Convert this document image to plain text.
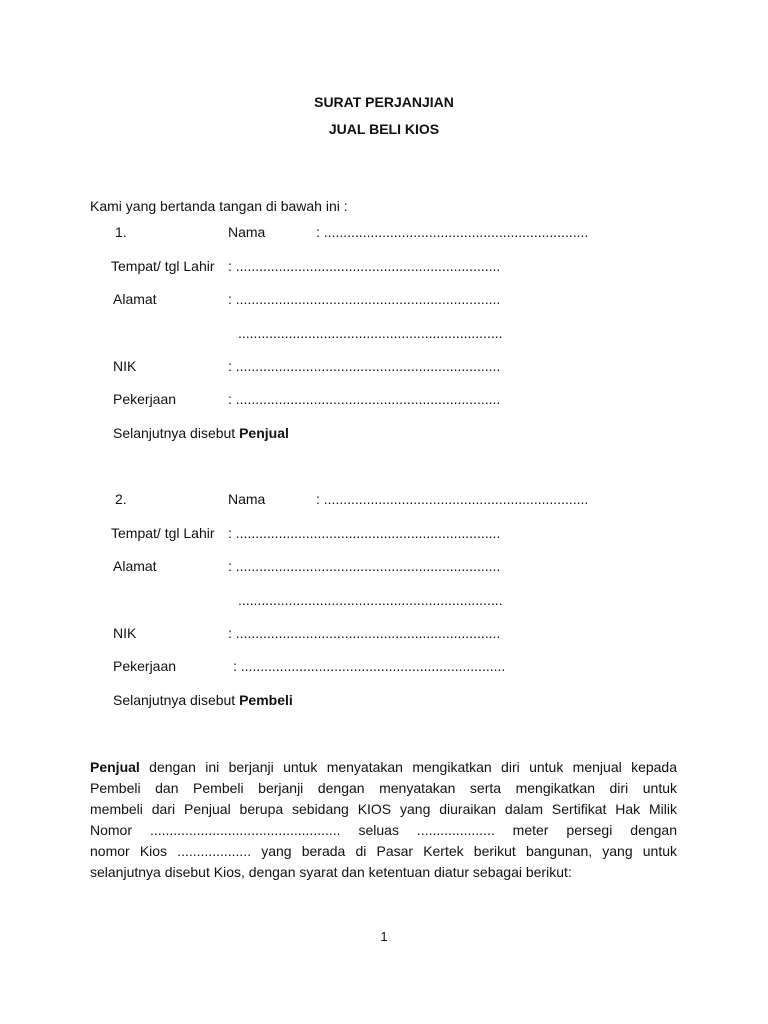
SURAT PERJANJIAN
JUAL BELI KIOS
Kami yang bertanda tangan di bawah ini :
1.	Nama	: ....................................................................
Tempat/ tgl Lahir : ....................................................................
Alamat	: ....................................................................
....................................................................
NIK	: ....................................................................
Pekerjaan	: ....................................................................
Selanjutnya disebut Penjual
2.	Nama	: ....................................................................
Tempat/ tgl Lahir : ....................................................................
Alamat	: ....................................................................
....................................................................
NIK	: ....................................................................
Pekerjaan	: ....................................................................
Selanjutnya disebut Pembeli
Penjual dengan ini berjanji untuk menyatakan mengikatkan diri untuk menjual kepada
Pembeli dan Pembeli berjanji dengan menyatakan serta mengikatkan diri untuk
membeli dari Penjual berupa sebidang KIOS yang diuraikan dalam Sertifikat Hak Milik
Nomor ................................................. seluas .................... meter persegi dengan
nomor Kios ................... yang berada di Pasar Kertek berikut bangunan, yang untuk
selanjutnya disebut Kios, dengan syarat dan ketentuan diatur sebagai berikut:
1
